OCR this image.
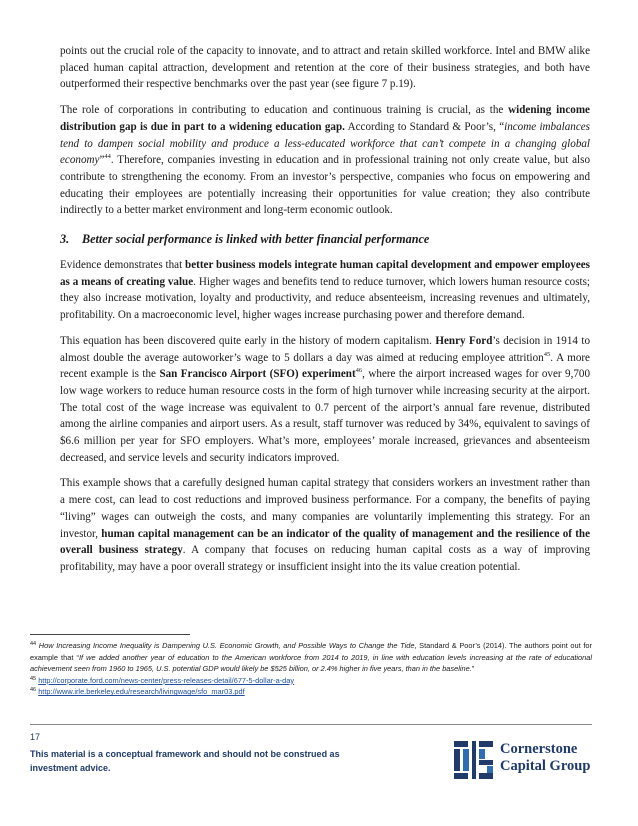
points out the crucial role of the capacity to innovate, and to attract and retain skilled workforce. Intel and BMW alike placed human capital attraction, development and retention at the core of their business strategies, and both have outperformed their respective benchmarks over the past year (see figure 7 p.19).

The role of corporations in contributing to education and continuous training is crucial, as the widening income distribution gap is due in part to a widening education gap. According to Standard & Poor’s, “income imbalances tend to dampen social mobility and produce a less-educated workforce that can’t compete in a changing global economy”$^{44}$. Therefore, companies investing in education and in professional training not only create value, but also contribute to strengthening the economy. From an investor’s perspective, companies who focus on empowering and educating their employees are potentially increasing their opportunities for value creation; they also contribute indirectly to a better market environment and long-term economic outlook.

3. Better social performance is linked with better financial performance

Evidence demonstrates that better business models integrate human capital development and empower employees as a means of creating value. Higher wages and benefits tend to reduce turnover, which lowers human resource costs; they also increase motivation, loyalty and productivity, and reduce absenteeism, increasing revenues and ultimately, profitability. On a macroeconomic level, higher wages increase purchasing power and therefore demand.

This equation has been discovered quite early in the history of modern capitalism. Henry Ford’s decision in 1914 to almost double the average autoworker’s wage to 5 dollars a day was aimed at reducing employee attrition$^{45}$. A more recent example is the San Francisco Airport (SFO) experiment$^{46}$, where the airport increased wages for over 9,700 low wage workers to reduce human resource costs in the form of high turnover while increasing security at the airport. The total cost of the wage increase was equivalent to 0.7 percent of the airport’s annual fare revenue, distributed among the airline companies and airport users. As a result, staff turnover was reduced by 34%, equivalent to savings of $6.6 million per year for SFO employers. What’s more, employees’ morale increased, grievances and absenteeism decreased, and service levels and security indicators improved.

This example shows that a carefully designed human capital strategy that considers workers an investment rather than a mere cost, can lead to cost reductions and improved business performance. For a company, the benefits of paying “living” wages can outweigh the costs, and many companies are voluntarily implementing this strategy. For an investor, human capital management can be an indicator of the quality of management and the resilience of the overall business strategy. A company that focuses on reducing human capital costs as a way of improving profitability, may have a poor overall strategy or insufficient insight into the its value creation potential.

$^{44}$ How Increasing Income Inequality is Dampening U.S. Economic Growth, and Possible Ways to Change the Tide, Standard & Poor’s (2014). The authors point out for example that “If we added another year of education to the American workforce from 2014 to 2019, in line with education levels increasing at the rate of educational achievement seen from 1960 to 1965, U.S. potential GDP would likely be $525 billion, or 2.4% higher in five years, than in the baseline.”

$^{45}$ http://corporate.ford.com/news-center/press-releases-detail/677-5-dollar-a-day

$^{46}$ http://www.irle.berkeley.edu/research/livingwage/sfo_mar03.pdf

17
This material is a conceptual framework and should not be construed as investment advice.
Cornerstone
Capital Group
